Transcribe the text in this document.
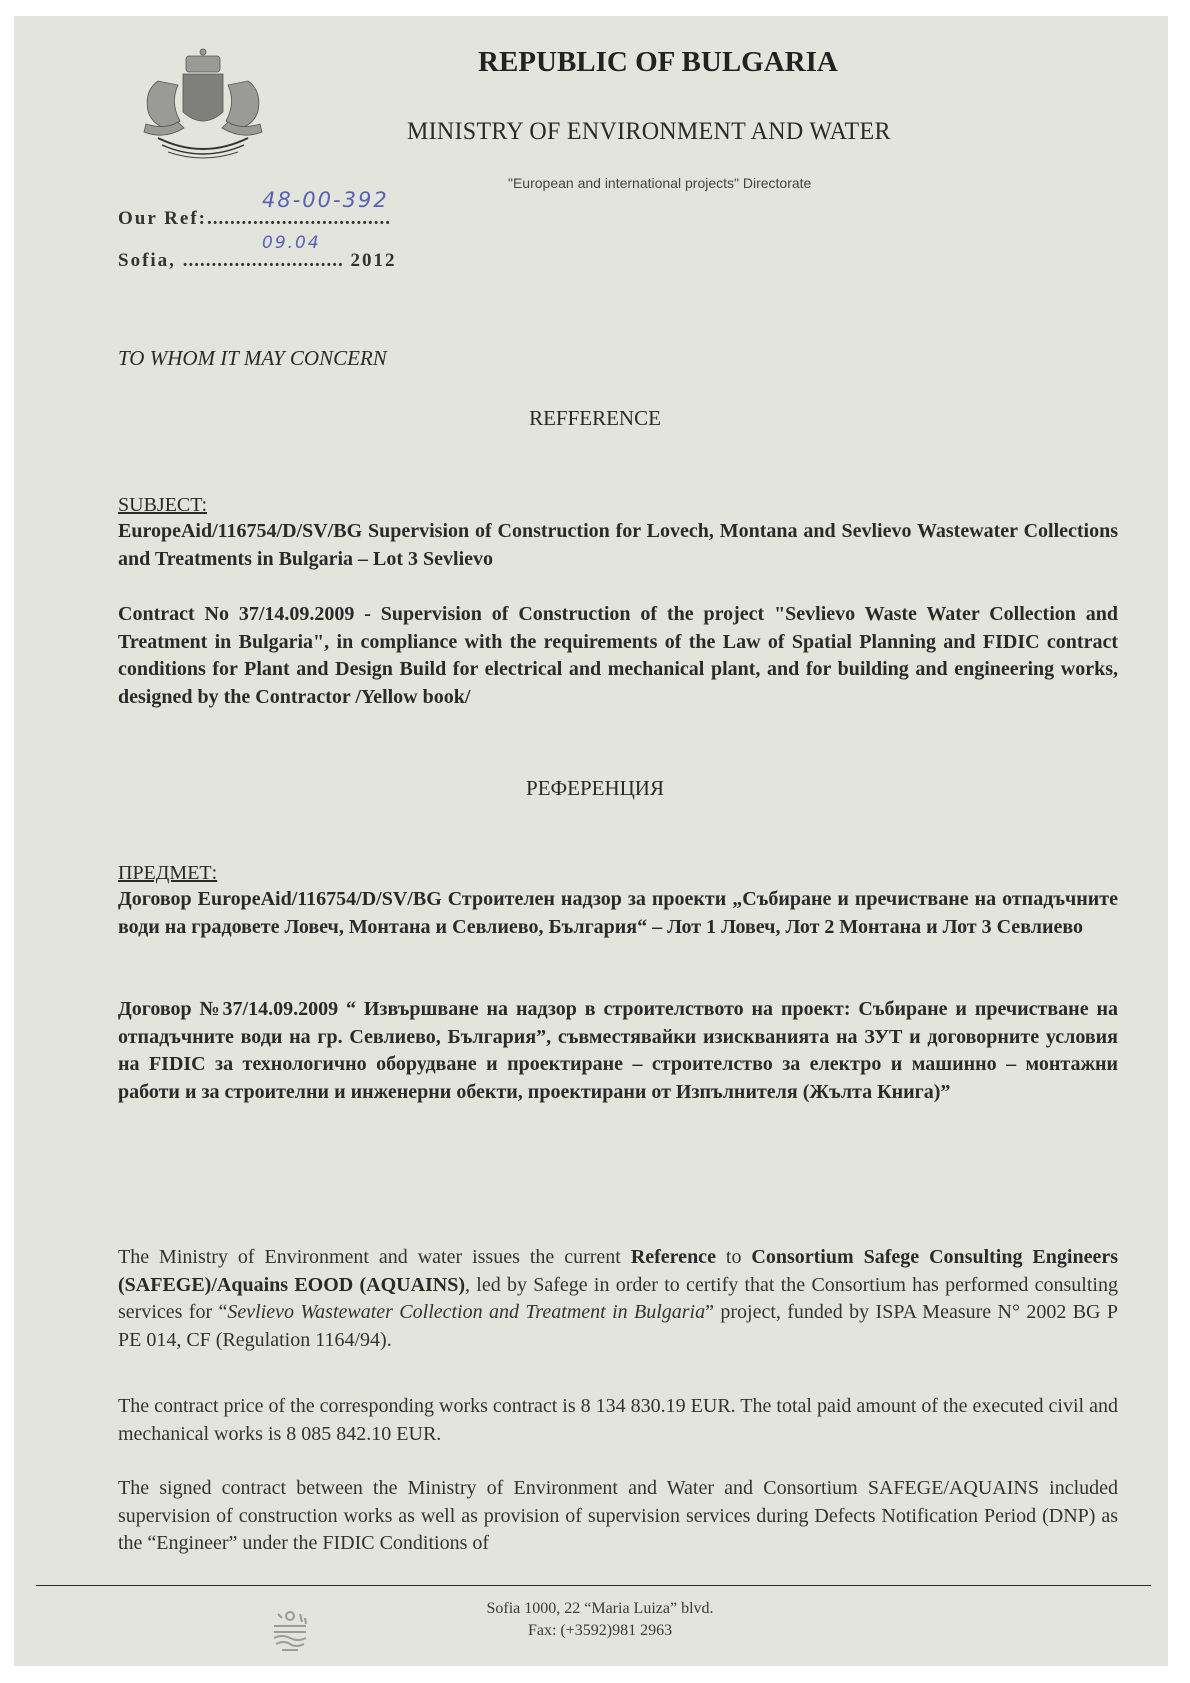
REPUBLIC OF BULGARIA
MINISTRY OF ENVIRONMENT AND WATER
"European and international projects" Directorate
48-00-392
Our Ref:................................
09.04
Sofia, ............................ 2012
TO WHOM IT MAY CONCERN
REFFERENCE
SUBJECT:
EuropeAid/116754/D/SV/BG Supervision of Construction for Lovech, Montana and Sevlievo Wastewater Collections and Treatments in Bulgaria – Lot 3 Sevlievo
Contract No 37/14.09.2009 - Supervision of Construction of the project "Sevlievo Waste Water Collection and Treatment in Bulgaria", in compliance with the requirements of the Law of Spatial Planning and FIDIC contract conditions for Plant and Design Build for electrical and mechanical plant, and for building and engineering works, designed by the Contractor /Yellow book/
РЕФЕРЕНЦИЯ
ПРЕДМЕТ:
Договор EuropeAid/116754/D/SV/BG Строителен надзор за проекти „Събиране и пречистване на отпадъчните води на градовете Ловеч, Монтана и Севлиево, България“ – Лот 1 Ловеч, Лот 2 Монтана и Лот 3 Севлиево
Договор №37/14.09.2009 “ Извършване на надзор в строителството на проект: Събиране и пречистване на отпадъчните води на гр. Севлиево, България”, съвместявайки изискванията на ЗУТ и договорните условия на FIDIC за технологично оборудване и проектиране – строителство за електро и машинно – монтажни работи и за строителни и инженерни обекти, проектирани от Изпълнителя (Жълта Книга)”
The Ministry of Environment and water issues the current Reference to Consortium Safege Consulting Engineers (SAFEGE)/Aquains EOOD (AQUAINS), led by Safege in order to certify that the Consortium has performed consulting services for “Sevlievo Wastewater Collection and Treatment in Bulgaria” project, funded by ISPA Measure N° 2002 BG P PE 014, CF (Regulation 1164/94).
The contract price of the corresponding works contract is 8 134 830.19 EUR. The total paid amount of the executed civil and mechanical works is 8 085 842.10 EUR.
The signed contract between the Ministry of Environment and Water and Consortium SAFEGE/AQUAINS included supervision of construction works as well as provision of supervision services during Defects Notification Period (DNP) as the “Engineer” under the FIDIC Conditions of
Sofia 1000, 22 “Maria Luiza” blvd.
Fax: (+3592)981 2963
